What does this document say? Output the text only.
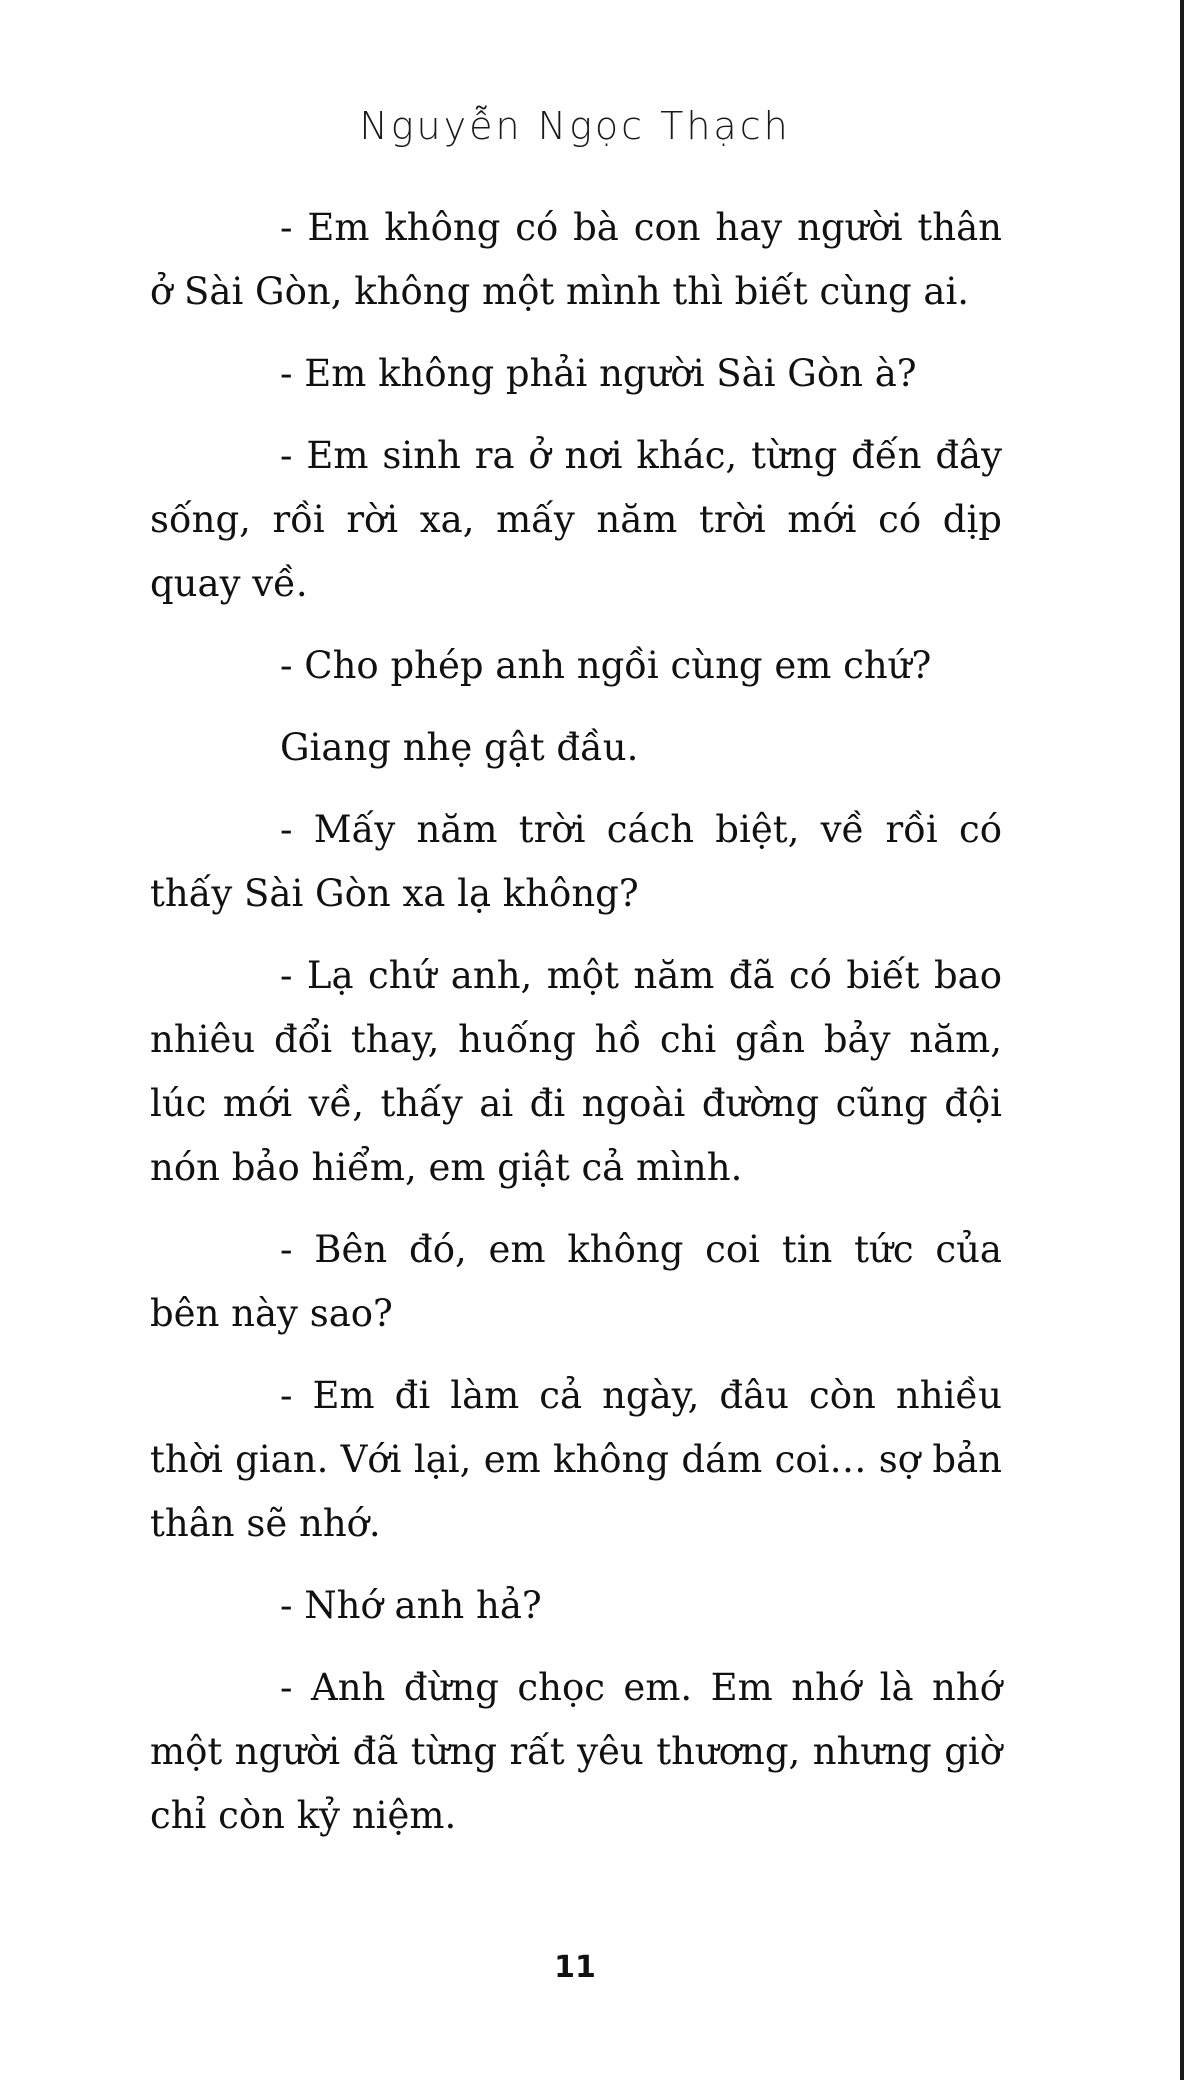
Nguyễn Ngọc Thạch

- Em không có bà con hay người thân ở Sài Gòn, không một mình thì biết cùng ai.

- Em không phải người Sài Gòn à?

- Em sinh ra ở nơi khác, từng đến đây sống, rồi rời xa, mấy năm trời mới có dịp quay về.

- Cho phép anh ngồi cùng em chứ?

Giang nhẹ gật đầu.

- Mấy năm trời cách biệt, về rồi có thấy Sài Gòn xa lạ không?

- Lạ chứ anh, một năm đã có biết bao nhiêu đổi thay, huống hồ chi gần bảy năm, lúc mới về, thấy ai đi ngoài đường cũng đội nón bảo hiểm, em giật cả mình.

- Bên đó, em không coi tin tức của bên này sao?

- Em đi làm cả ngày, đâu còn nhiều thời gian. Với lại, em không dám coi… sợ bản thân sẽ nhớ.

- Nhớ anh hả?

- Anh đừng chọc em. Em nhớ là nhớ một người đã từng rất yêu thương, nhưng giờ chỉ còn kỷ niệm.

11
